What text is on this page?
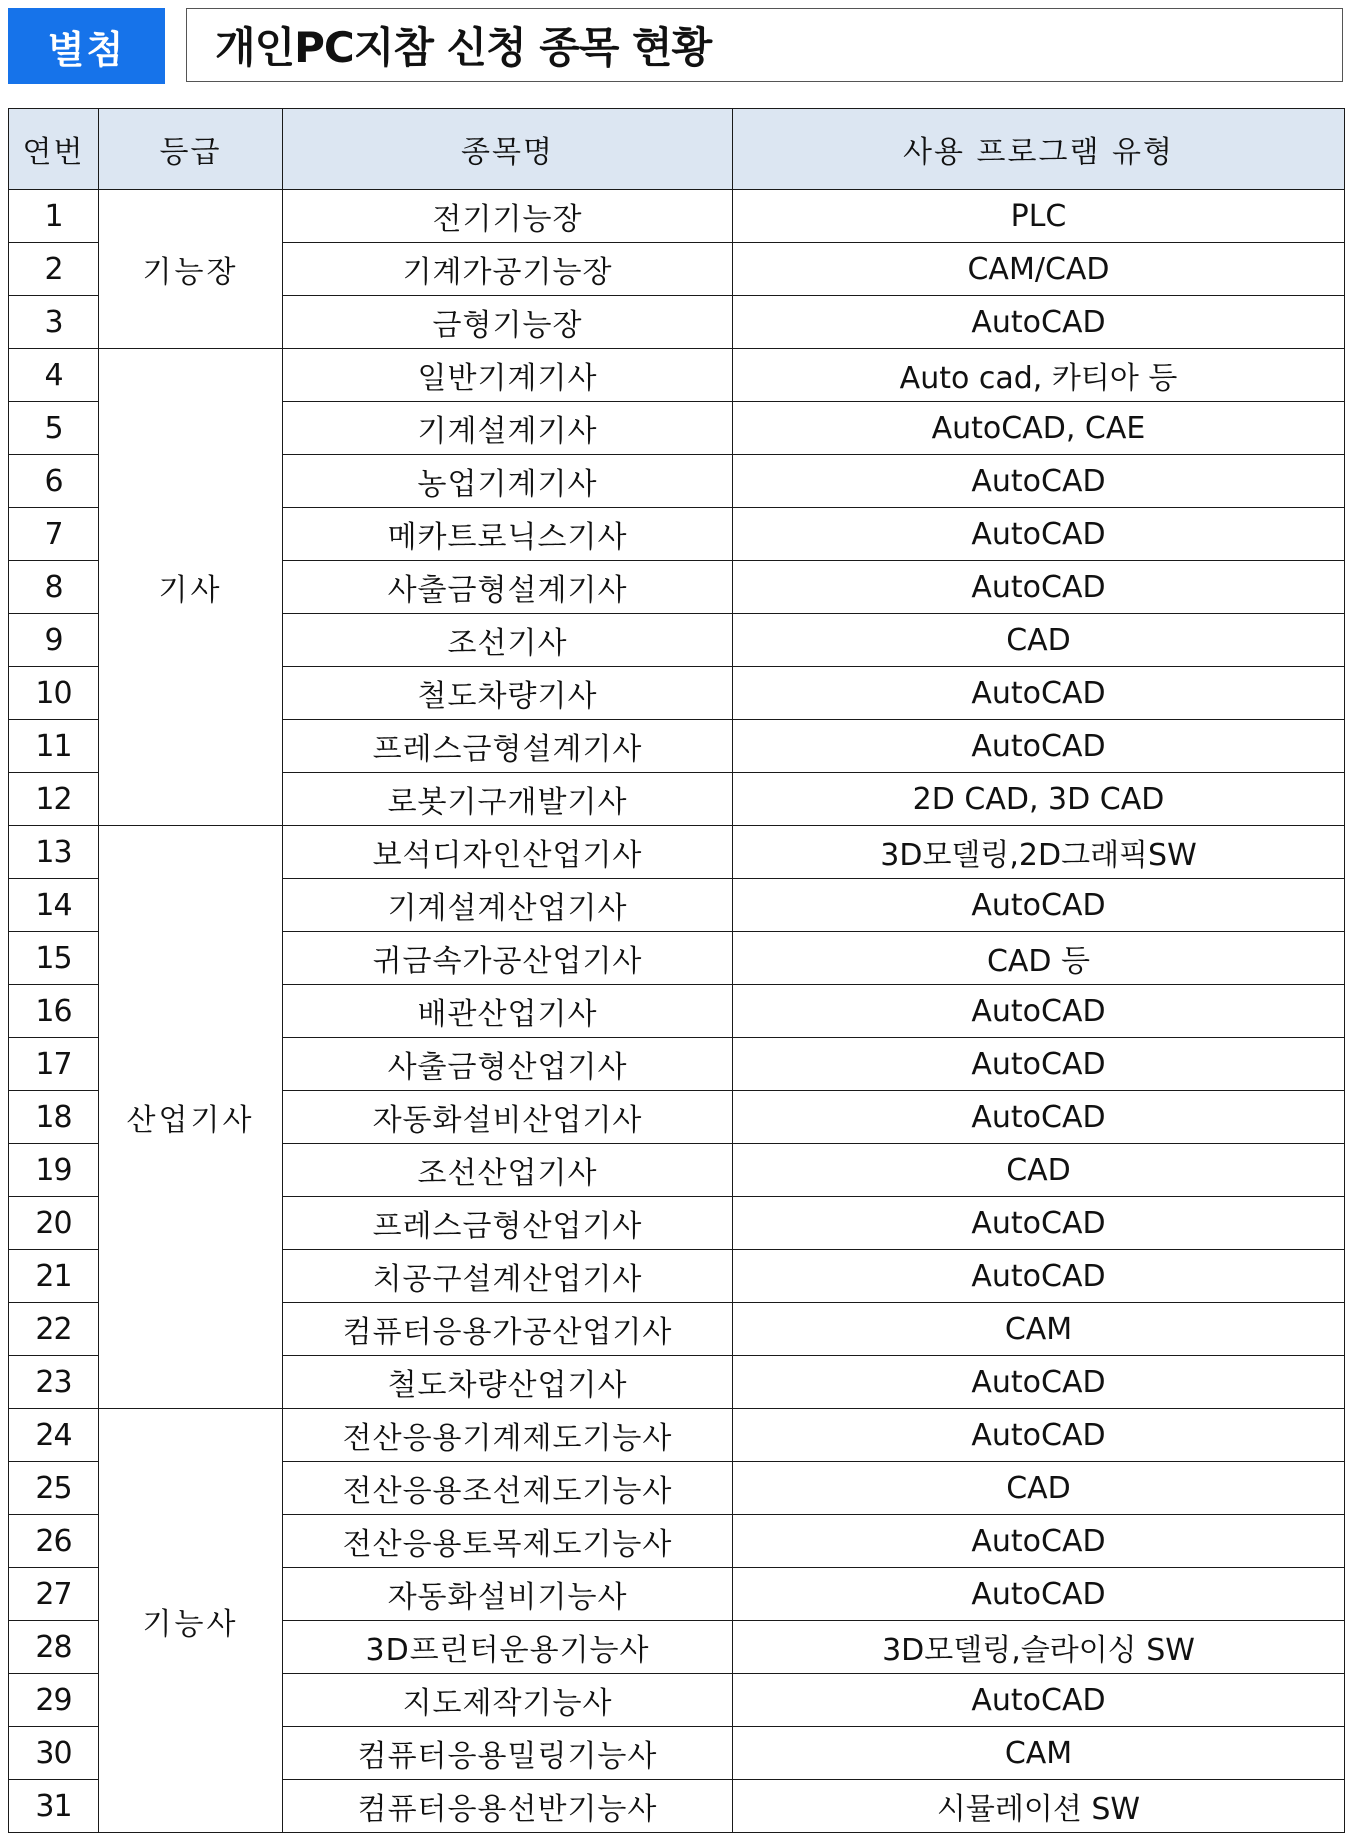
별첨	개인PC지참 신청 종목 현황
연번	등급	종목명	사용 프로그램 유형
1	기능장	전기기능장	PLC
2		기계가공기능장	CAM/CAD
3		금형기능장	AutoCAD
4	기사	일반기계기사	Auto cad, 카티아 등
5		기계설계기사	AutoCAD, CAE
6		농업기계기사	AutoCAD
7		메카트로닉스기사	AutoCAD
8		사출금형설계기사	AutoCAD
9		조선기사	CAD
10		철도차량기사	AutoCAD
11		프레스금형설계기사	AutoCAD
12		로봇기구개발기사	2D CAD, 3D CAD
13	산업기사	보석디자인산업기사	3D모델링,2D그래픽SW
14		기계설계산업기사	AutoCAD
15		귀금속가공산업기사	CAD 등
16		배관산업기사	AutoCAD
17		사출금형산업기사	AutoCAD
18		자동화설비산업기사	AutoCAD
19		조선산업기사	CAD
20		프레스금형산업기사	AutoCAD
21		치공구설계산업기사	AutoCAD
22		컴퓨터응용가공산업기사	CAM
23		철도차량산업기사	AutoCAD
24	기능사	전산응용기계제도기능사	AutoCAD
25		전산응용조선제도기능사	CAD
26		전산응용토목제도기능사	AutoCAD
27		자동화설비기능사	AutoCAD
28		3D프린터운용기능사	3D모델링,슬라이싱 SW
29		지도제작기능사	AutoCAD
30		컴퓨터응용밀링기능사	CAM
31		컴퓨터응용선반기능사	시뮬레이션 SW
